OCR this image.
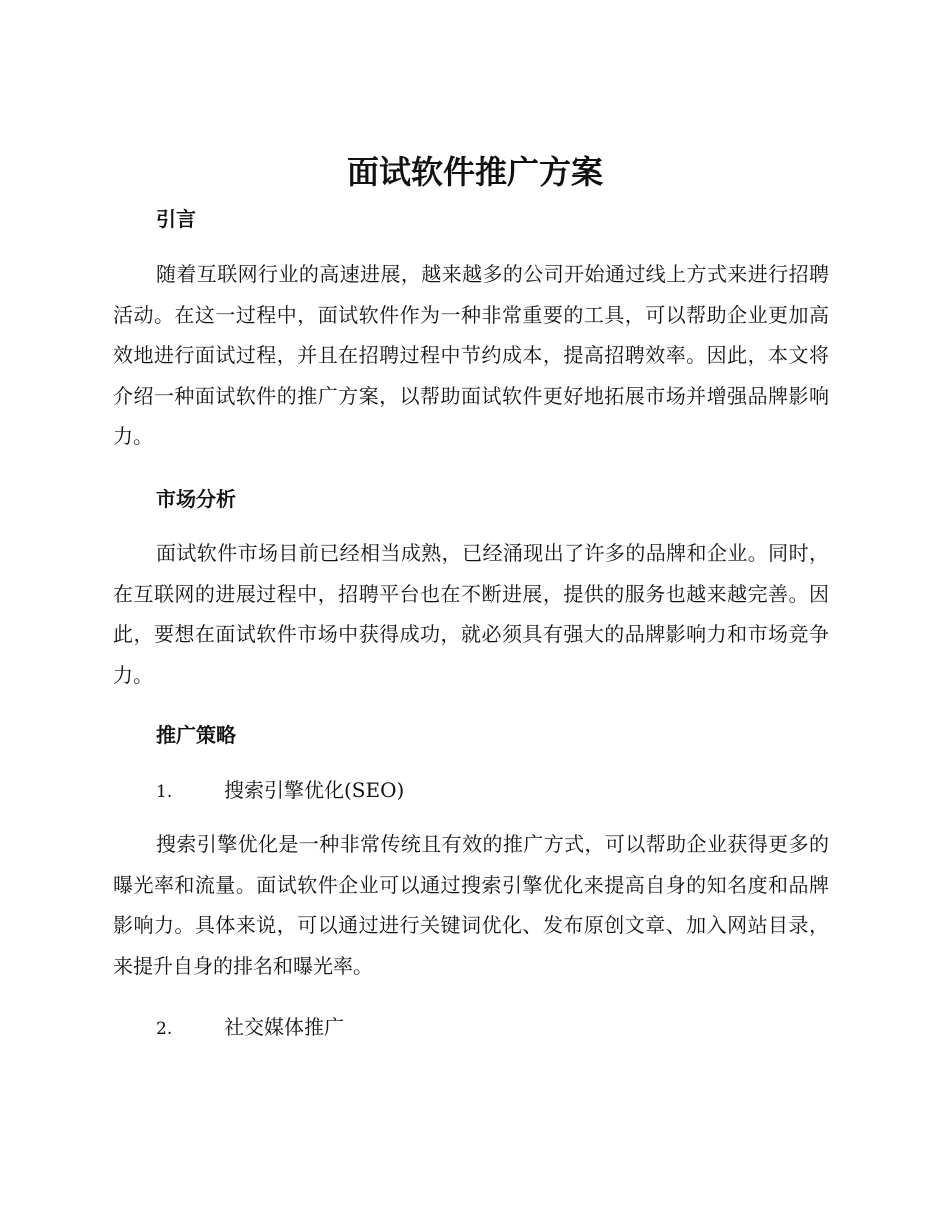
面试软件推广方案
引言

随着互联网行业的高速进展，越来越多的公司开始通过线上方式来进行招聘活动。在这一过程中，面试软件作为一种非常重要的工具，可以帮助企业更加高效地进行面试过程，并且在招聘过程中节约成本，提高招聘效率。因此，本文将介绍一种面试软件的推广方案，以帮助面试软件更好地拓展市场并增强品牌影响力。

市场分析

面试软件市场目前已经相当成熟，已经涌现出了许多的品牌和企业。同时，在互联网的进展过程中，招聘平台也在不断进展，提供的服务也越来越完善。因此，要想在面试软件市场中获得成功，就必须具有强大的品牌影响力和市场竞争力。

推广策略
1.	搜索引擎优化(SEO)

搜索引擎优化是一种非常传统且有效的推广方式，可以帮助企业获得更多的曝光率和流量。面试软件企业可以通过搜索引擎优化来提高自身的知名度和品牌影响力。具体来说，可以通过进行关键词优化、发布原创文章、加入网站目录，来提升自身的排名和曝光率。

2.	社交媒体推广
